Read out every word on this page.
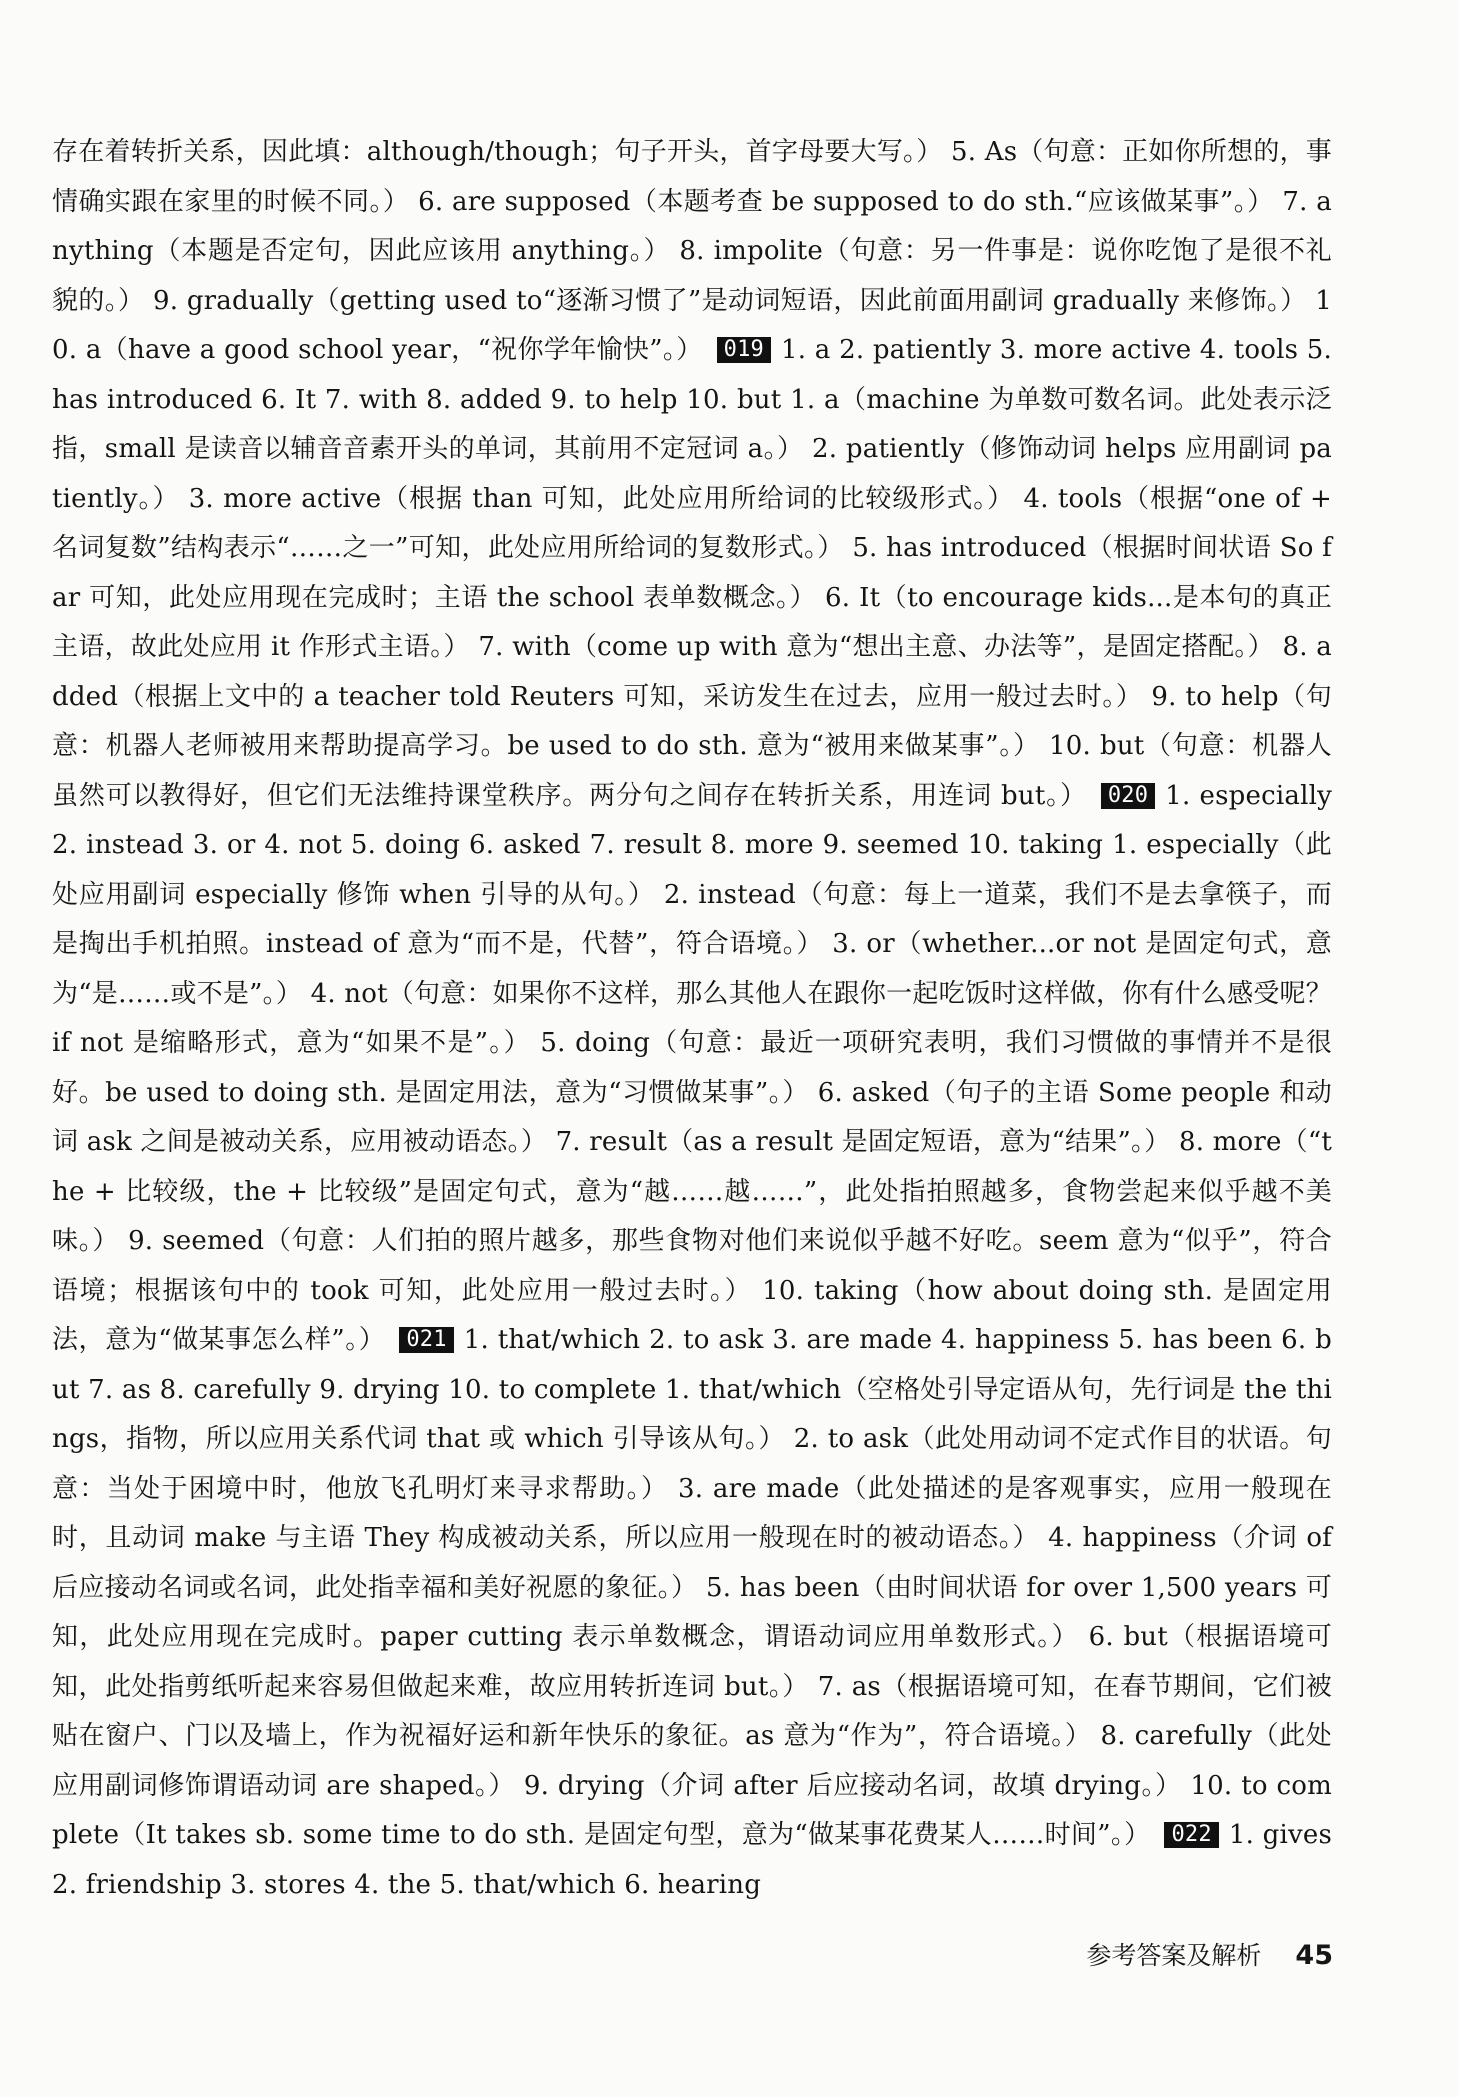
存在着转折关系，因此填：although/though；句子开头，首字母要大写。） 5. As（句意：正如你所想的，事情确实跟在家里的时候不同。） 6. are supposed（本题考查 be supposed to do sth.“应该做某事”。） 7. anything（本题是否定句，因此应该用 anything。） 8. impolite（句意：另一件事是：说你吃饱了是很不礼貌的。） 9. gradually（getting used to“逐渐习惯了”是动词短语，因此前面用副词 gradually 来修饰。） 10. a（have a good school year，“祝你学年愉快”。） 019 1. a 2. patiently 3. more active 4. tools 5. has introduced 6. It 7. with 8. added 9. to help 10. but 1. a（machine 为单数可数名词。此处表示泛指，small 是读音以辅音音素开头的单词，其前用不定冠词 a。） 2. patiently（修饰动词 helps 应用副词 patiently。） 3. more active（根据 than 可知，此处应用所给词的比较级形式。） 4. tools（根据“one of + 名词复数”结构表示“……之一”可知，此处应用所给词的复数形式。） 5. has introduced（根据时间状语 So far 可知，此处应用现在完成时；主语 the school 表单数概念。） 6. It（to encourage kids...是本句的真正主语，故此处应用 it 作形式主语。） 7. with（come up with 意为“想出主意、办法等”，是固定搭配。） 8. added（根据上文中的 a teacher told Reuters 可知，采访发生在过去，应用一般过去时。） 9. to help（句意：机器人老师被用来帮助提高学习。be used to do sth. 意为“被用来做某事”。） 10. but（句意：机器人虽然可以教得好，但它们无法维持课堂秩序。两分句之间存在转折关系，用连词 but。） 020 1. especially 2. instead 3. or 4. not 5. doing 6. asked 7. result 8. more 9. seemed 10. taking 1. especially（此处应用副词 especially 修饰 when 引导的从句。） 2. instead（句意：每上一道菜，我们不是去拿筷子，而是掏出手机拍照。instead of 意为“而不是，代替”，符合语境。） 3. or（whether...or not 是固定句式，意为“是……或不是”。） 4. not（句意：如果你不这样，那么其他人在跟你一起吃饭时这样做，你有什么感受呢？if not 是缩略形式，意为“如果不是”。） 5. doing（句意：最近一项研究表明，我们习惯做的事情并不是很好。be used to doing sth. 是固定用法，意为“习惯做某事”。） 6. asked（句子的主语 Some people 和动词 ask 之间是被动关系，应用被动语态。） 7. result（as a result 是固定短语，意为“结果”。） 8. more（“the + 比较级，the + 比较级”是固定句式，意为“越……越……”，此处指拍照越多，食物尝起来似乎越不美味。） 9. seemed（句意：人们拍的照片越多，那些食物对他们来说似乎越不好吃。seem 意为“似乎”，符合语境；根据该句中的 took 可知，此处应用一般过去时。） 10. taking（how about doing sth. 是固定用法，意为“做某事怎么样”。） 021 1. that/which 2. to ask 3. are made 4. happiness 5. has been 6. but 7. as 8. carefully 9. drying 10. to complete 1. that/which（空格处引导定语从句，先行词是 the things，指物，所以应用关系代词 that 或 which 引导该从句。） 2. to ask（此处用动词不定式作目的状语。句意：当处于困境中时，他放飞孔明灯来寻求帮助。） 3. are made（此处描述的是客观事实，应用一般现在时，且动词 make 与主语 They 构成被动关系，所以应用一般现在时的被动语态。） 4. happiness（介词 of 后应接动名词或名词，此处指幸福和美好祝愿的象征。） 5. has been（由时间状语 for over 1,500 years 可知，此处应用现在完成时。paper cutting 表示单数概念，谓语动词应用单数形式。） 6. but（根据语境可知，此处指剪纸听起来容易但做起来难，故应用转折连词 but。） 7. as（根据语境可知，在春节期间，它们被贴在窗户、门以及墙上，作为祝福好运和新年快乐的象征。as 意为“作为”，符合语境。） 8. carefully（此处应用副词修饰谓语动词 are shaped。） 9. drying（介词 after 后应接动名词，故填 drying。） 10. to complete（It takes sb. some time to do sth. 是固定句型，意为“做某事花费某人……时间”。） 022 1. gives 2. friendship 3. stores 4. the 5. that/which 6. hearing
参考答案及解析 45
